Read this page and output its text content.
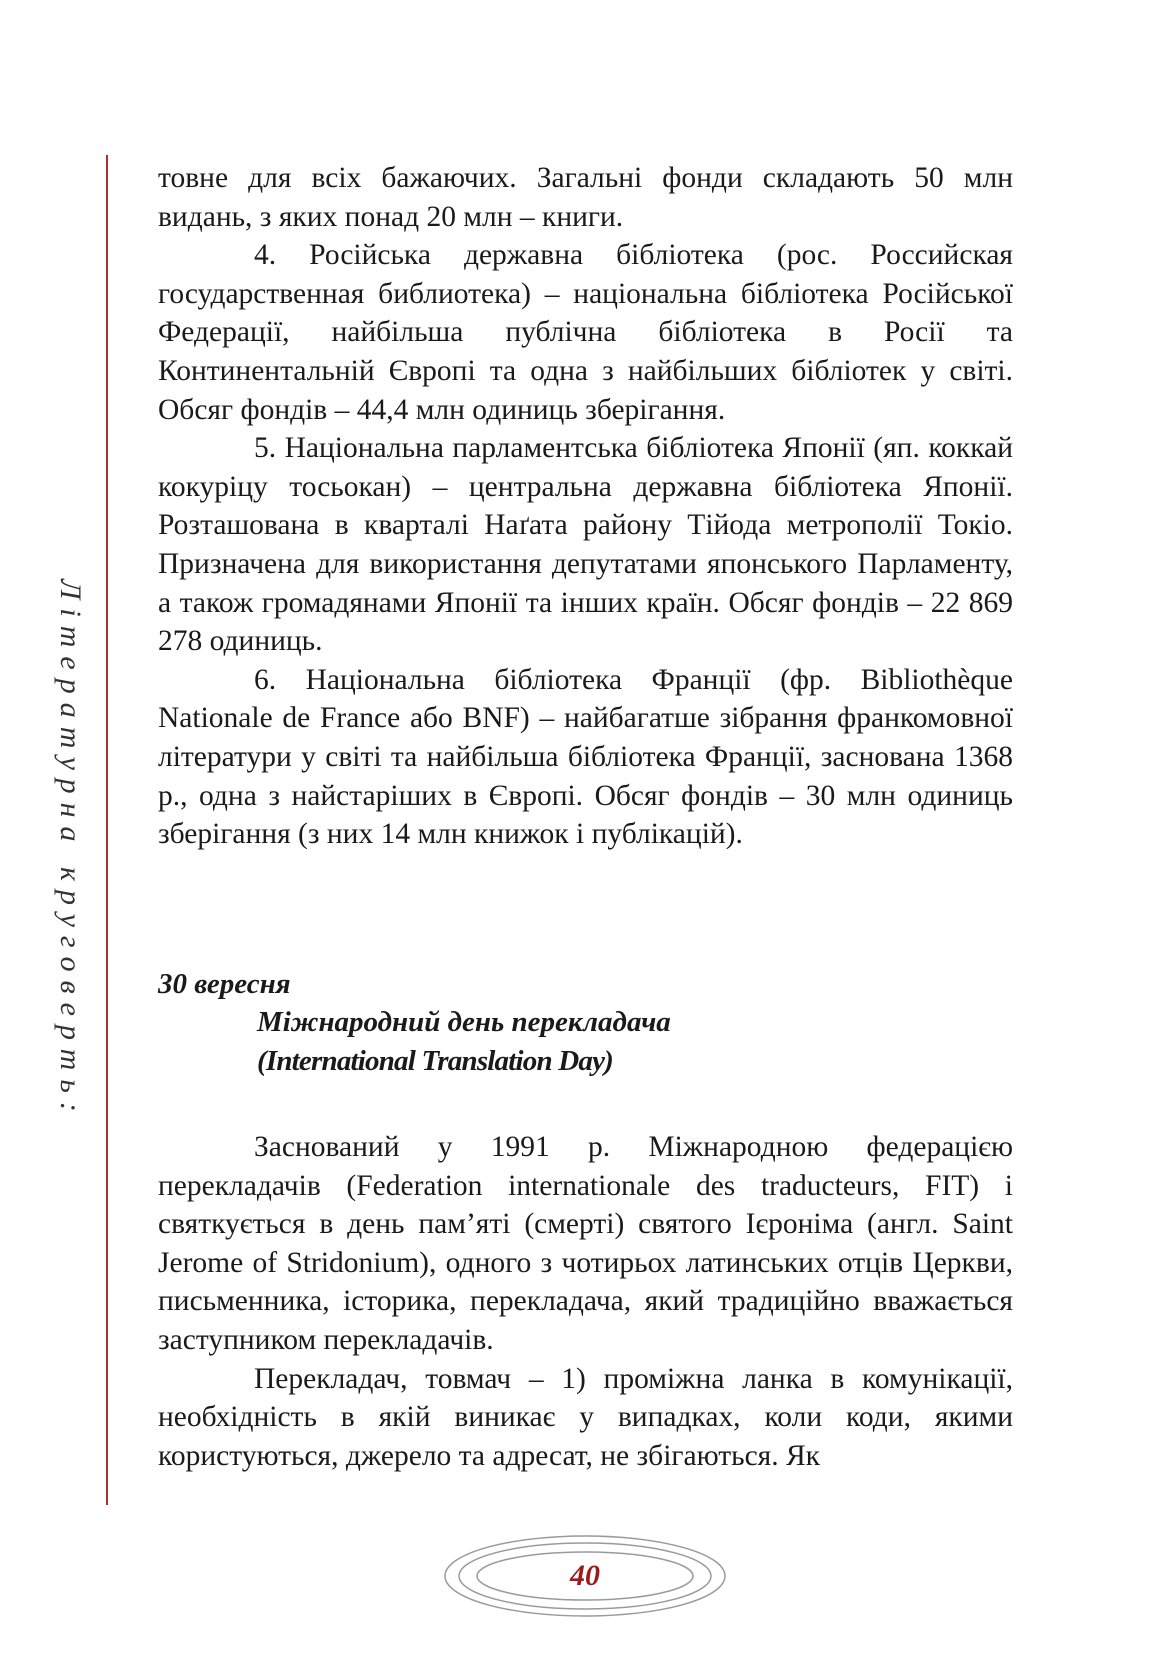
Літературна круговерть:

товне для всіх бажаючих. Загальні фонди складають 50 млн видань, з яких понад 20 млн – книги.

4. Російська державна бібліотека (рос. Российская государственная библиотека) – національна бібліотека Російської Федерації, найбільша публічна бібліотека в Росії та Континентальній Європі та одна з найбільших бібліотек у світі. Обсяг фондів – 44,4 млн одиниць зберігання.

5. Національна парламентська бібліотека Японії (яп. коккай кокуріцу тосьокан) – центральна державна бібліотека Японії. Розташована в кварталі Наґата району Тійода метрополії Токіо. Призначена для використання депутатами японського Парламенту, а також громадянами Японії та інших країн. Обсяг фондів – 22 869 278 одиниць.

6. Національна бібліотека Франції (фр. Bibliothèque Nationale de France або BNF) – найбагатше зібрання франкомовної літератури у світі та найбільша бібліотека Франції, заснована 1368 р., одна з найстаріших в Європі. Обсяг фондів – 30 млн одиниць зберігання (з них 14 млн книжок і публікацій).

30 вересня
Міжнародний день перекладача
(International Translation Day)

Заснований у 1991 р. Міжнародною федерацією перекладачів (Federation internationale des traducteurs, FIT) і святкується в день пам’яті (смерті) святого Ієроніма (англ. Saint Jerome of Stridonium), одного з чотирьох латинських отців Церкви, письменника, історика, перекладача, який традиційно вважається заступником перекладачів.

Перекладач, товмач – 1) проміжна ланка в комунікації, необхідність в якій виникає у випадках, коли коди, якими користуються, джерело та адресат, не збігаються. Як

40
